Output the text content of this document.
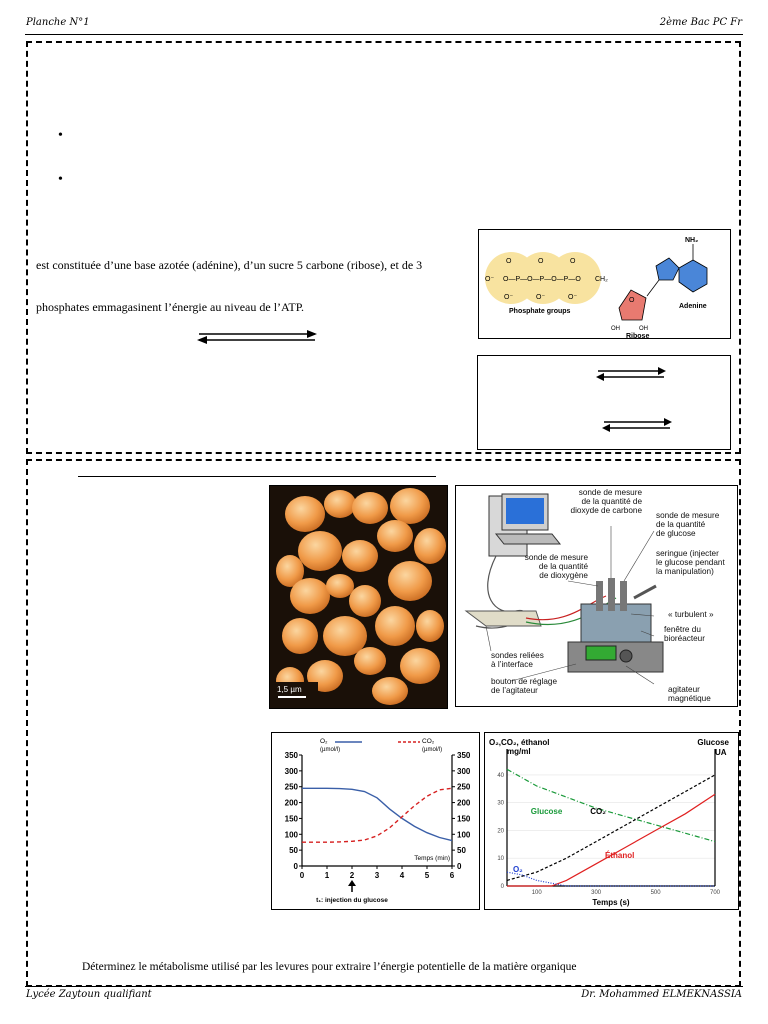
Planche N°1	2ème Bac PC Fr
•
•
est constituée d’une base azotée (adénine), d’un sucre 5 carbone (ribose), et de 3
phosphates emmagasinent l’énergie au niveau de l’ATP.
O⁻ O—P—O—P—O—P—O
O	O	O
O⁻	O⁻	O⁻
CH₂
Phosphate groups
O
OH	OH
Ribose
NH₂
Adenine
1,5 µm
sonde de mesure de la quantité de dioxyde de carbone
sonde de mesure de la quantité de glucose
seringue (injecter le glucose pendant la manipulation)
sonde de mesure de la quantité de dioxygène
« turbulent »
fenêtre du bioréacteur
sondes reliées à l’interface
bouton de réglage de l’agitateur	agitateur magnétique
0	0
50	50
100	100
150	150
200	200
250	250
300	300
350	350
0	1	2	3	4	5	6
Temps (min)
O₂
(µmol/l)
CO₂
(µmol/l)
t₁: injection du glucose
0
10
20
30
40
100	300	500	700
O₂,CO₂, éthanol
mg/ml
Glucose
UA
Temps (s)
Glucose	CO₂
Éthanol
O₂
Déterminez le métabolisme utilisé par les levures pour extraire l’énergie potentielle de la matière organique
Lycée Zaytoun qualifiant	Dr. Mohammed ELMEKNASSIA
